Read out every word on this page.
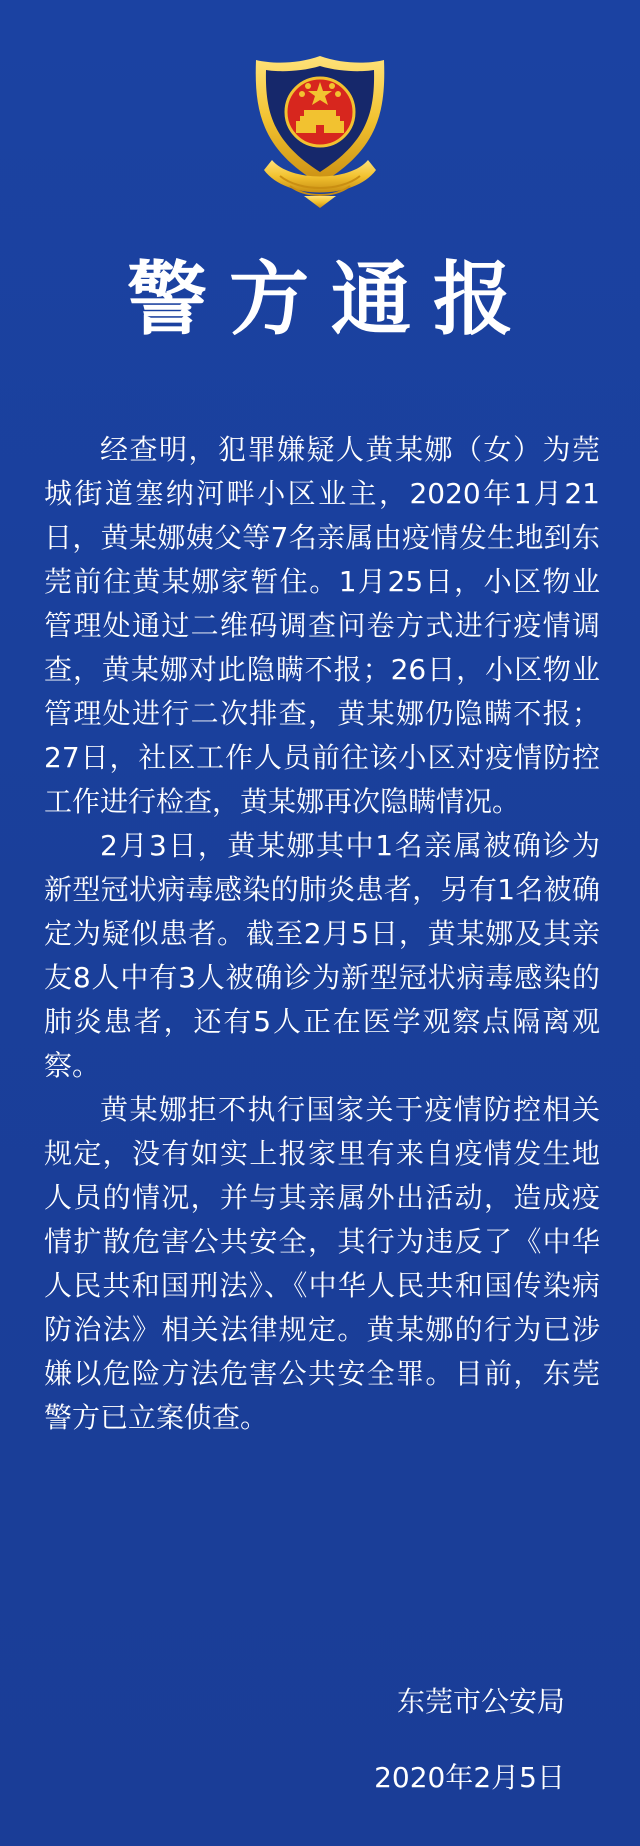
警方通报

经查明，犯罪嫌疑人黄某娜（女）为莞城街道塞纳河畔小区业主，2020年1月21日，黄某娜姨父等7名亲属由疫情发生地到东莞前往黄某娜家暂住。1月25日，小区物业管理处通过二维码调查问卷方式进行疫情调查，黄某娜对此隐瞒不报；26日，小区物业管理处进行二次排查，黄某娜仍隐瞒不报；27日，社区工作人员前往该小区对疫情防控工作进行检查，黄某娜再次隐瞒情况。

2月3日，黄某娜其中1名亲属被确诊为新型冠状病毒感染的肺炎患者，另有1名被确定为疑似患者。截至2月5日，黄某娜及其亲友8人中有3人被确诊为新型冠状病毒感染的肺炎患者，还有5人正在医学观察点隔离观察。

黄某娜拒不执行国家关于疫情防控相关规定，没有如实上报家里有来自疫情发生地人员的情况，并与其亲属外出活动，造成疫情扩散危害公共安全，其行为违反了《中华人民共和国刑法》、《中华人民共和国传染病防治法》相关法律规定。黄某娜的行为已涉嫌以危险方法危害公共安全罪。目前，东莞警方已立案侦查。

东莞市公安局
2020年2月5日
